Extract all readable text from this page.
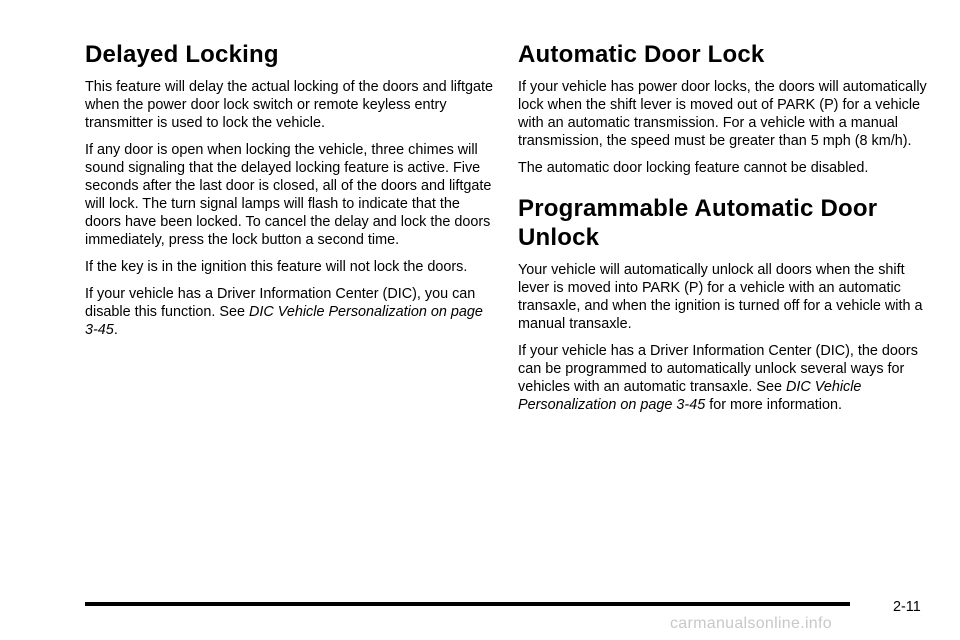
Delayed Locking

This feature will delay the actual locking of the doors and liftgate when the power door lock switch or remote keyless entry transmitter is used to lock the vehicle.

If any door is open when locking the vehicle, three chimes will sound signaling that the delayed locking feature is active. Five seconds after the last door is closed, all of the doors and liftgate will lock. The turn signal lamps will flash to indicate that the doors have been locked. To cancel the delay and lock the doors immediately, press the lock button a second time.

If the key is in the ignition this feature will not lock the doors.

If your vehicle has a Driver Information Center (DIC), you can disable this function. See DIC Vehicle Personalization on page 3-45.

Automatic Door Lock

If your vehicle has power door locks, the doors will automatically lock when the shift lever is moved out of PARK (P) for a vehicle with an automatic transmission. For a vehicle with a manual transmission, the speed must be greater than 5 mph (8 km/h).

The automatic door locking feature cannot be disabled.

Programmable Automatic Door
Unlock

Your vehicle will automatically unlock all doors when the shift lever is moved into PARK (P) for a vehicle with an automatic transaxle, and when the ignition is turned off for a vehicle with a manual transaxle.

If your vehicle has a Driver Information Center (DIC), the doors can be programmed to automatically unlock several ways for vehicles with an automatic transaxle. See DIC Vehicle Personalization on page 3-45 for more information.

2-11
carmanualsonline.info
